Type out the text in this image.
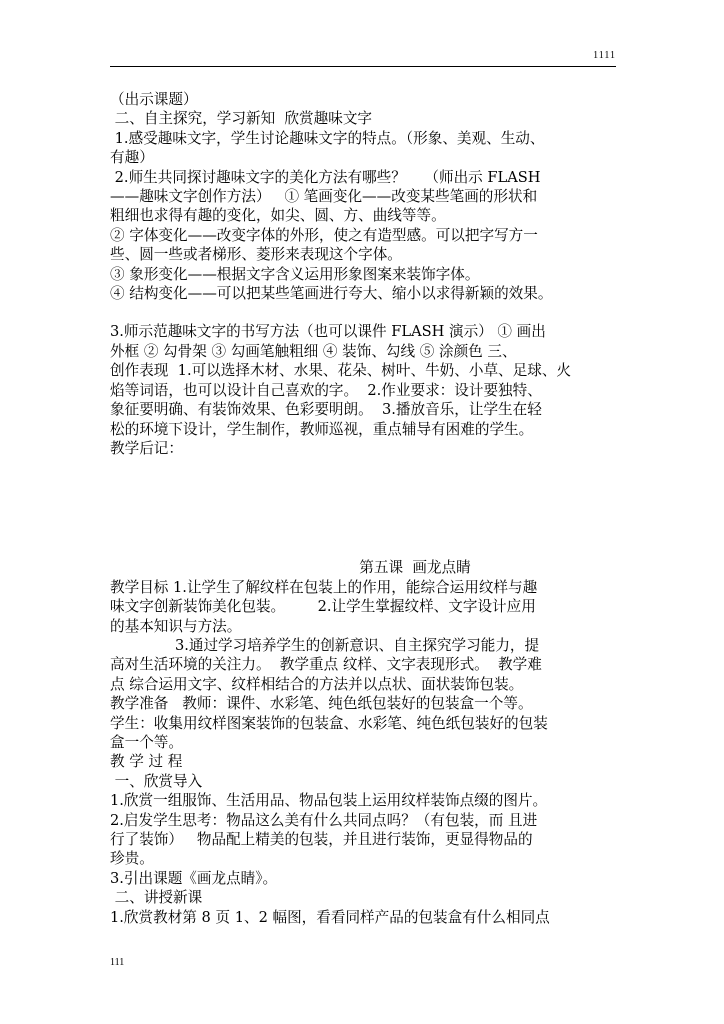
1111
（出示课题）
二、自主探究，学习新知  欣赏趣味文字
1.感受趣味文字，学生讨论趣味文字的特点。（形象、美观、生动、
有趣）
2.师生共同探讨趣味文字的美化方法有哪些？    （师出示 FLASH
——趣味文字创作方法）   ① 笔画变化——改变某些笔画的形状和
粗细也求得有趣的变化，如尖、圆、方、曲线等等。
② 字体变化——改变字体的外形，使之有造型感。可以把字写方一
些、圆一些或者梯形、菱形来表现这个字体。
③ 象形变化——根据文字含义运用形象图案来装饰字体。
④ 结构变化——可以把某些笔画进行夸大、缩小以求得新颖的效果。
3.师示范趣味文字的书写方法（也可以课件 FLASH 演示） ① 画出
外框 ② 勾骨架 ③ 勾画笔触粗细 ④ 装饰、勾线 ⑤ 涂颜色 三、
创作表现  1.可以选择木材、水果、花朵、树叶、牛奶、小草、足球、火
焰等词语，也可以设计自己喜欢的字。  2.作业要求：设计要独特、
象征要明确、有装饰效果、色彩要明朗。  3.播放音乐，让学生在轻
松的环境下设计，学生制作，教师巡视，重点辅导有困难的学生。
教学后记：
第五课  画龙点睛
教学目标 1.让学生了解纹样在包装上的作用，能综合运用纹样与趣
味文字创新装饰美化包装。       2.让学生掌握纹样、文字设计应用
的基本知识与方法。
3.通过学习培养学生的创新意识、自主探究学习能力，提
高对生活环境的关注力。  教学重点 纹样、文字表现形式。  教学难
点 综合运用文字、纹样相结合的方法并以点状、面状装饰包装。
教学准备   教师：课件、水彩笔、纯色纸包装好的包装盒一个等。
学生：收集用纹样图案装饰的包装盒、水彩笔、纯色纸包装好的包装
盒一个等。
教 学 过 程
一、欣赏导入
1.欣赏一组服饰、生活用品、物品包装上运用纹样装饰点缀的图片。
2.启发学生思考：物品这么美有什么共同点吗？（有包装，而 且进
行了装饰）   物品配上精美的包装，并且进行装饰，更显得物品的
珍贵。
3.引出课题《画龙点睛》。
二、讲授新课
1.欣赏教材第 8 页 1、2 幅图，看看同样产品的包装盒有什么相同点
111
